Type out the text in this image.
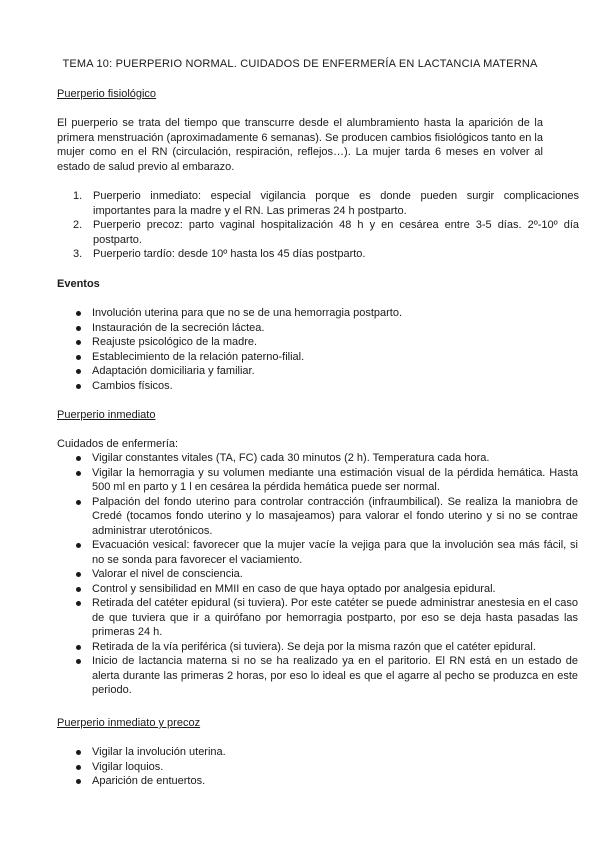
TEMA 10: PUERPERIO NORMAL. CUIDADOS DE ENFERMERÍA EN LACTANCIA MATERNA
Puerperio fisiológico
El puerperio se trata del tiempo que transcurre desde el alumbramiento hasta la aparición de la primera menstruación (aproximadamente 6 semanas). Se producen cambios fisiológicos tanto en la mujer como en el RN (circulación, respiración, reflejos…). La mujer tarda 6 meses en volver al estado de salud previo al embarazo.
1. Puerperio inmediato: especial vigilancia porque es donde pueden surgir complicaciones importantes para la madre y el RN. Las primeras 24 h postparto.
2. Puerperio precoz: parto vaginal hospitalización 48 h y en cesárea entre 3-5 días. 2º-10º día postparto.
3. Puerperio tardío: desde 10º hasta los 45 días postparto.
Eventos
Involución uterina para que no se de una hemorragia postparto.
Instauración de la secreción láctea.
Reajuste psicológico de la madre.
Establecimiento de la relación paterno-filial.
Adaptación domiciliaria y familiar.
Cambios físicos.
Puerperio inmediato
Cuidados de enfermería:
Vigilar constantes vitales (TA, FC) cada 30 minutos (2 h). Temperatura cada hora.
Vigilar la hemorragia y su volumen mediante una estimación visual de la pérdida hemática. Hasta 500 ml en parto y 1 l en cesárea la pérdida hemática puede ser normal.
Palpación del fondo uterino para controlar contracción (infraumbilical). Se realiza la maniobra de Credé (tocamos fondo uterino y lo masajeamos) para valorar el fondo uterino y si no se contrae administrar uterotónicos.
Evacuación vesical: favorecer que la mujer vacíe la vejiga para que la involución sea más fácil, si no se sonda para favorecer el vaciamiento.
Valorar el nivel de consciencia.
Control y sensibilidad en MMII en caso de que haya optado por analgesia epidural.
Retirada del catéter epidural (si tuviera). Por este catéter se puede administrar anestesia en el caso de que tuviera que ir a quirófano por hemorragia postparto, por eso se deja hasta pasadas las primeras 24 h.
Retirada de la vía periférica (si tuviera). Se deja por la misma razón que el catéter epidural.
Inicio de lactancia materna si no se ha realizado ya en el paritorio. El RN está en un estado de alerta durante las primeras 2 horas, por eso lo ideal es que el agarre al pecho se produzca en este periodo.
Puerperio inmediato y precoz
Vigilar la involución uterina.
Vigilar loquios.
Aparición de entuertos.
